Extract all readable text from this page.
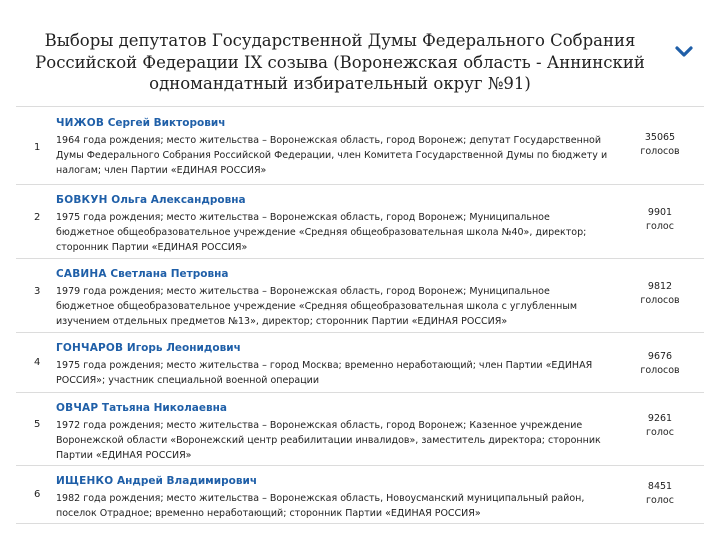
Выборы депутатов Государственной Думы Федерального Собрания Российской Федерации IX созыва (Воронежская область - Аннинский одномандатный избирательный округ №91)
1
ЧИЖОВ Сергей Викторович
1964 года рождения; место жительства – Воронежская область, город Воронеж; депутат Государственной Думы Федерального Собрания Российской Федерации, член Комитета Государственной Думы по бюджету и налогам; член Партии «ЕДИНАЯ РОССИЯ»
35065
голосов
2
БОВКУН Ольга Александровна
1975 года рождения; место жительства – Воронежская область, город Воронеж; Муниципальное бюджетное общеобразовательное учреждение «Средняя общеобразовательная школа №40», директор; сторонник Партии «ЕДИНАЯ РОССИЯ»
9901
голос
3
САВИНА Светлана Петровна
1979 года рождения; место жительства – Воронежская область, город Воронеж; Муниципальное бюджетное общеобразовательное учреждение «Средняя общеобразовательная школа с углубленным изучением отдельных предметов №13», директор; сторонник Партии «ЕДИНАЯ РОССИЯ»
9812
голосов
4
ГОНЧАРОВ Игорь Леонидович
1975 года рождения; место жительства – город Москва; временно неработающий; член Партии «ЕДИНАЯ РОССИЯ»; участник специальной военной операции
9676
голосов
5
ОВЧАР Татьяна Николаевна
1972 года рождения; место жительства – Воронежская область, город Воронеж; Казенное учреждение Воронежской области «Воронежский центр реабилитации инвалидов», заместитель директора; сторонник Партии «ЕДИНАЯ РОССИЯ»
9261
голос
6
ИЩЕНКО Андрей Владимирович
1982 года рождения; место жительства – Воронежская область, Новоусманский муниципальный район, поселок Отрадное; временно неработающий; сторонник Партии «ЕДИНАЯ РОССИЯ»
8451
голос
